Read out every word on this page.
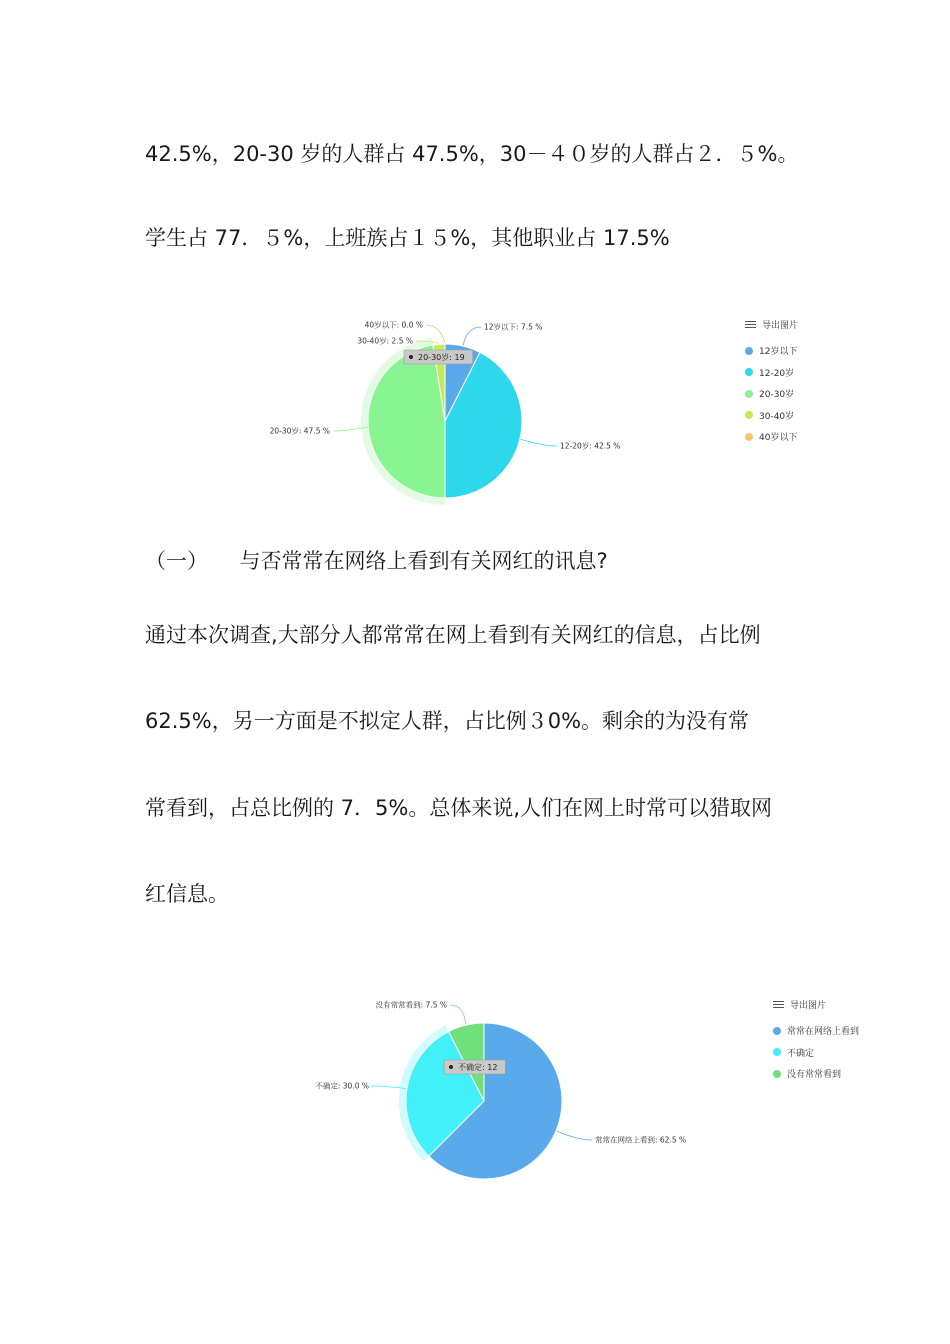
42.5%，20-30 岁的人群占 47.5%，30－４０岁的人群占２．５%。
学生占 77．５%，上班族占１５%，其他职业占 17.5%
12岁以下: 7.5 %
12-20岁: 42.5 %
20-30岁: 47.5 %
30-40岁: 2.5 %
40岁以下: 0.0 %
20-30岁: 19
导出图片
12岁以下
12-20岁
20-30岁
30-40岁
40岁以下
（一）　　与否常常在网络上看到有关网红的讯息?
通过本次调查,大部分人都常常在网上看到有关网红的信息，占比例
62.5%，另一方面是不拟定人群，占比例３0%。剩余的为没有常
常看到，占总比例的 7．5%。总体来说,人们在网上时常可以猎取网
红信息。
常常在网络上看到: 62.5 %
不确定: 30.0 %
没有常常看到: 7.5 %
不确定: 12
导出图片
常常在网络上看到
不确定
没有常常看到
